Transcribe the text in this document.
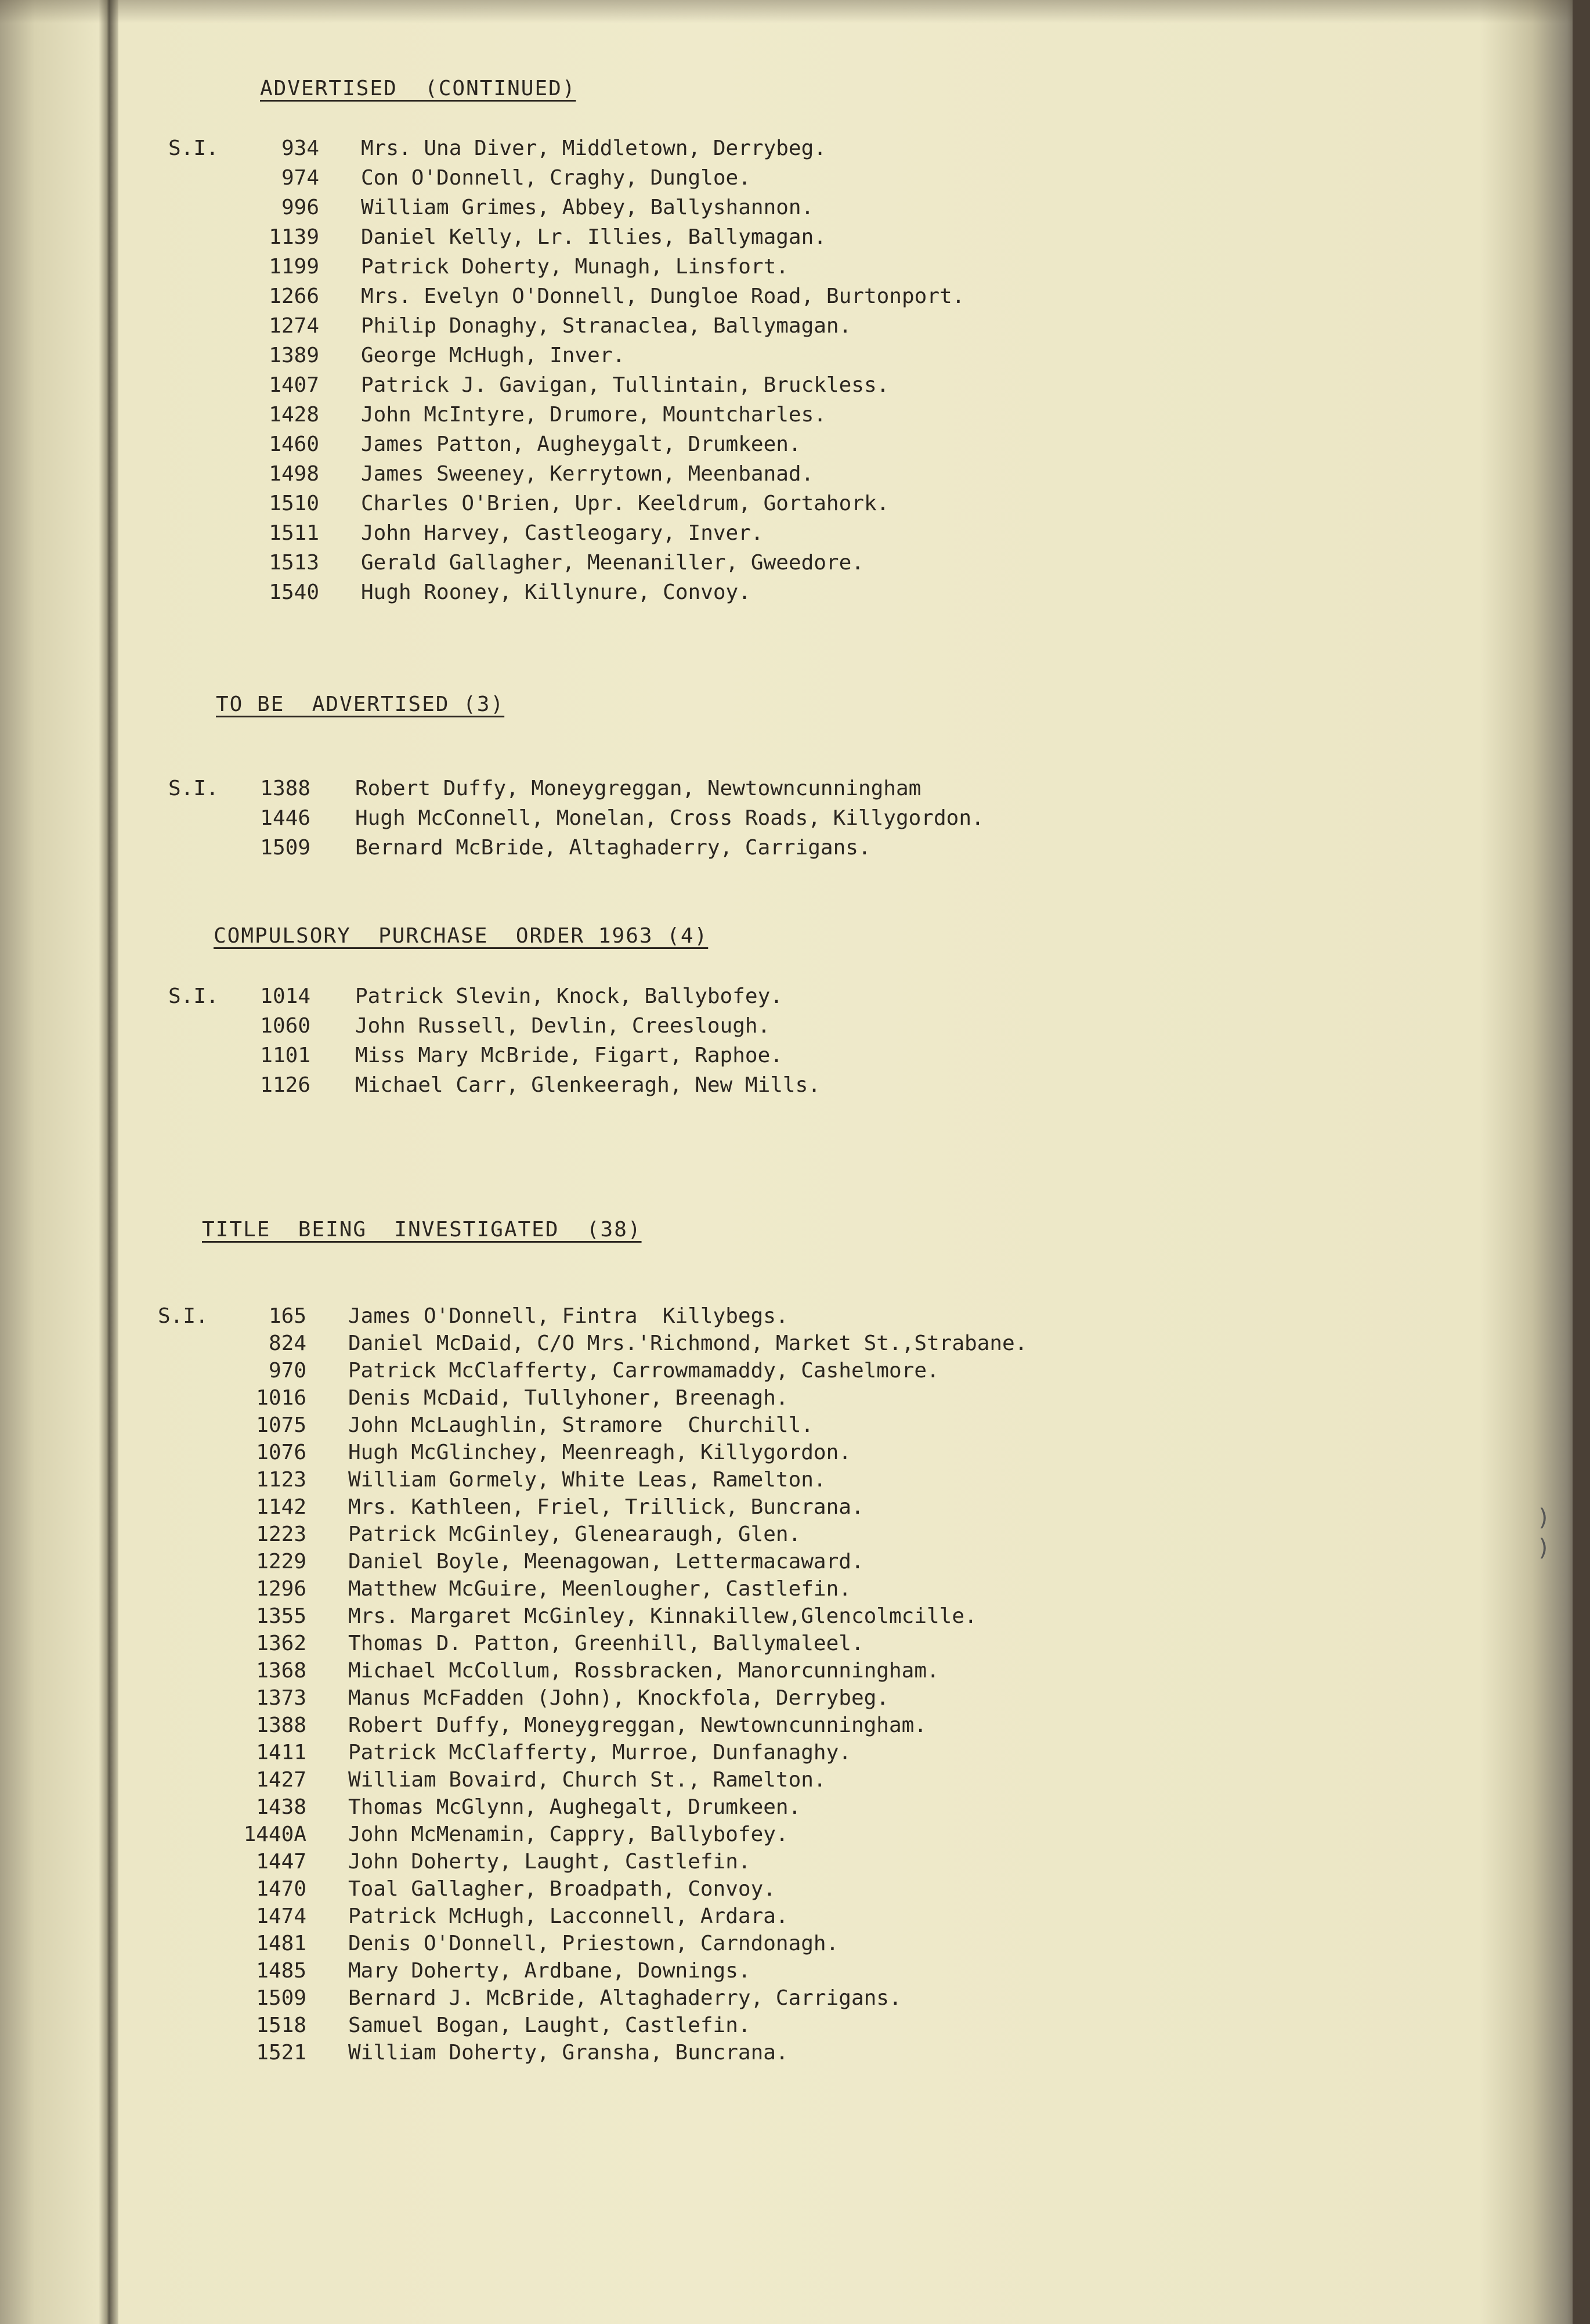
ADVERTISED  (CONTINUED)
S.I.	934 Mrs. Una Diver, Middletown, Derrybeg.
974 Con O'Donnell, Craghy, Dungloe.
996 William Grimes, Abbey, Ballyshannon.
1139 Daniel Kelly, Lr. Illies, Ballymagan.
1199 Patrick Doherty, Munagh, Linsfort.
1266 Mrs. Evelyn O'Donnell, Dungloe Road, Burtonport.
1274 Philip Donaghy, Stranaclea, Ballymagan.
1389 George McHugh, Inver.
1407 Patrick J. Gavigan, Tullintain, Bruckless.
1428 John McIntyre, Drumore, Mountcharles.
1460 James Patton, Augheygalt, Drumkeen.
1498 James Sweeney, Kerrytown, Meenbanad.
1510 Charles O'Brien, Upr. Keeldrum, Gortahork.
1511 John Harvey, Castleogary, Inver.
1513 Gerald Gallagher, Meenaniller, Gweedore.
1540 Hugh Rooney, Killynure, Convoy.
TO BE  ADVERTISED (3)
S.I.	1388 Robert Duffy, Moneygreggan, Newtowncunningham
1446 Hugh McConnell, Monelan, Cross Roads, Killygordon.
1509 Bernard McBride, Altaghaderry, Carrigans.
COMPULSORY  PURCHASE  ORDER 1963 (4)
S.I.	1014 Patrick Slevin, Knock, Ballybofey.
1060 John Russell, Devlin, Creeslough.
1101 Miss Mary McBride, Figart, Raphoe.
1126 Michael Carr, Glenkeeragh, New Mills.
TITLE  BEING  INVESTIGATED  (38)
S.I.	165 James O'Donnell, Fintra  Killybegs.
824 Daniel McDaid, C/O Mrs.'Richmond, Market St.,Strabane.
970 Patrick McClafferty, Carrowmamaddy, Cashelmore.
1016 Denis McDaid, Tullyhoner, Breenagh.
1075 John McLaughlin, Stramore  Churchill.
1076 Hugh McGlinchey, Meenreagh, Killygordon.
1123 William Gormely, White Leas, Ramelton.
1142 Mrs. Kathleen, Friel, Trillick, Buncrana.
1223 Patrick McGinley, Glenearaugh, Glen.
1229 Daniel Boyle, Meenagowan, Lettermacaward.
1296 Matthew McGuire, Meenlougher, Castlefin.
1355 Mrs. Margaret McGinley, Kinnakillew,Glencolmcille.
1362 Thomas D. Patton, Greenhill, Ballymaleel.
1368 Michael McCollum, Rossbracken, Manorcunningham.
1373 Manus McFadden (John), Knockfola, Derrybeg.
1388 Robert Duffy, Moneygreggan, Newtowncunningham.
1411 Patrick McClafferty, Murroe, Dunfanaghy.
1427 William Bovaird, Church St., Ramelton.
1438 Thomas McGlynn, Aughegalt, Drumkeen.
1440A John McMenamin, Cappry, Ballybofey.
1447 John Doherty, Laught, Castlefin.
1470 Toal Gallagher, Broadpath, Convoy.
1474 Patrick McHugh, Lacconnell, Ardara.
1481 Denis O'Donnell, Priestown, Carndonagh.
1485 Mary Doherty, Ardbane, Downings.
1509 Bernard J. McBride, Altaghaderry, Carrigans.
1518 Samuel Bogan, Laught, Castlefin.
1521 William Doherty, Gransha, Buncrana.
)
)
